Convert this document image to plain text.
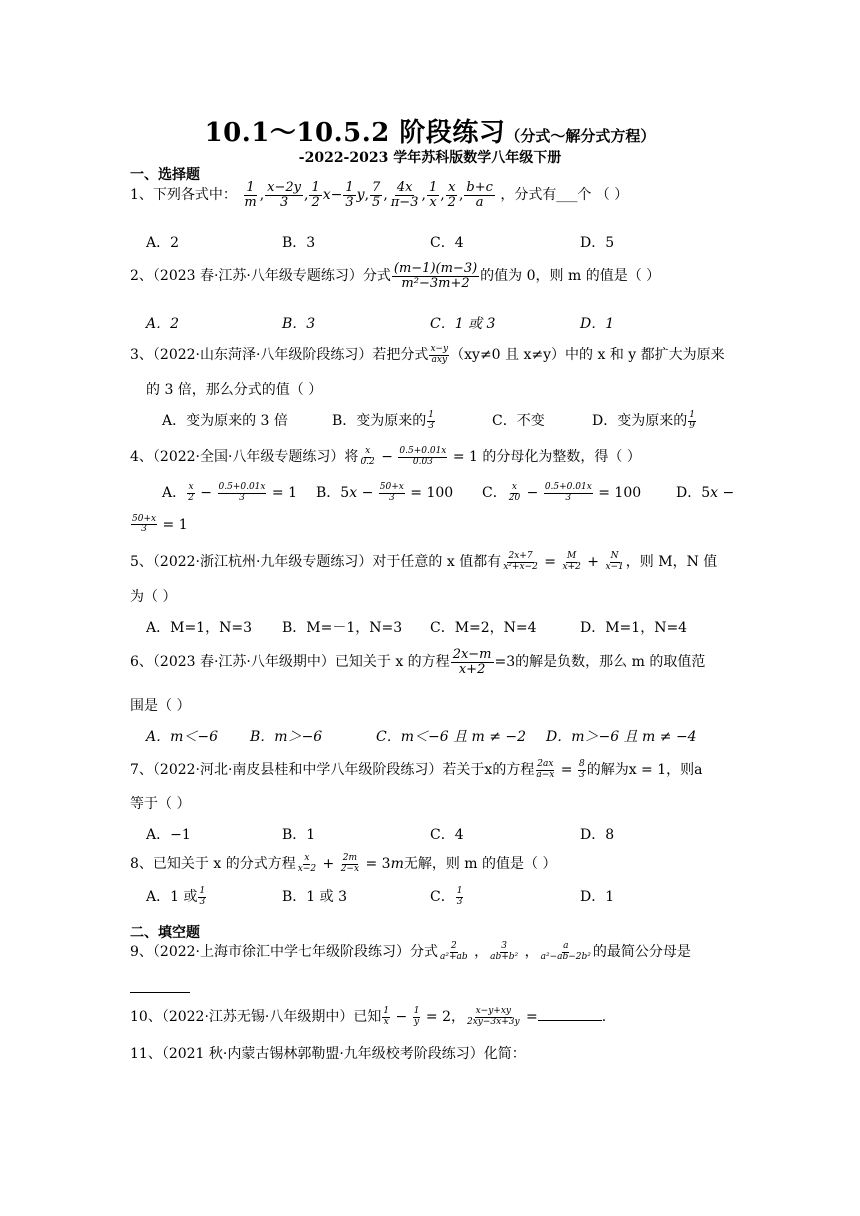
10.1～10.5.2 阶段练习（分式～解分式方程）
-2022-2023 学年苏科版数学八年级下册
一、选择题
1、下列各式中： $\frac{1}{m}$ , $\frac{x-2y}{3}$ , $\frac{1}{2} x- \frac{1}{3} y$, $\frac{7}{5}$ , $\frac{4x}{\pi-3}$ , $\frac{1}{x}$ , $\frac{x}{2}$ , $\frac{b+c}{a}$ ，分式有___个 （ ）
A．2	B．3	C．4	D．5
2、（2023 春·江苏·八年级专题练习）分式 $\frac{(m-1)(m-3)}{\text{m²−3m+2}}$ 的值为 0，则 m 的值是（ ）
A．2	B．3	C．1 或 3	D．1
3、（2022·山东菏泽·八年级阶段练习）若把分式 $\frac{x-y}{\text{axy}} (xy\ne 0$ 且 x≠y）中的 x 和 y 都扩大为原来
的 3 倍，那么分式的值（ ）
A．变为原来的 3 倍	B．变为原来的 $\frac{1}{3}$	C．不变	D．变为原来的 $\frac{1}{9}$
4、（2022·全国·八年级专题练习）将 $\frac{x}{0.2} - \frac{0.5+0.01x}{0.03} = 1$ 的分母化为整数，得（ ）
A． $\frac{x}{2} - \frac{0.5+0.01x}{3} = 1$ B．$5x - \frac{50+x}{3} = 100$ C． $\frac{x}{20} - \frac{0.5+0.01x}{3} = 100$ D．5x −
$\frac{50+x}{3} = 1$
5、（2022·浙江杭州·九年级专题练习）对于任意的 x 值都有 $\frac{2x+7}{\text{x²+x−2}} = \frac{M}{x+2} + \frac{N}{x-1}$ ，则 M，N 值
为（ ）
A．M=1，N=3 B．M=－1，N=3 C．M=2，N=4	D．M=1，N=4
6、（2023 春·江苏·八年级期中）已知关于 x 的方程 $\frac{2x-m}{x+2} =3$的解是负数，那么 m 的取值范
围是（ ）
A．m＜−6 B．m＞−6	C．m＜−6 且 m ≠ −2 D．m＞−6 且 m ≠ −4
7、（2022·河北·南皮县桂和中学八年级阶段练习）若关于x的方程 $\frac{2ax}{a-x} = \frac{8}{3}$ 的解为x = 1，则a
等于（ ）
A．−1	B．1	C．4	D．8
8、已知关于 x 的分式方程 $\frac{x}{x-2} + \frac{2m}{2-x} = 3m$无解，则 m 的值是（ ）
A．1 或 $\frac{1}{3}$	B．1 或 3	C． $\frac{1}{3}$	D．1
二、填空题
9、（2022·上海市徐汇中学七年级阶段练习）分式 $\frac{2}{\text{a²+ab}}$ ， $\frac{3}{\text{ab+b²}}$ ， $\frac{a}{\text{a²−ab−2b²}}$ 的最简公分母是
10、（2022·江苏无锡·八年级期中）已知 $\frac{1}{x} - \frac{1}{y} = 2$， $\frac{x-y+xy}{2xy-3x+3y}$ =	.
11、（2021 秋·内蒙古锡林郭勒盟·九年级校考阶段练习）化简：
